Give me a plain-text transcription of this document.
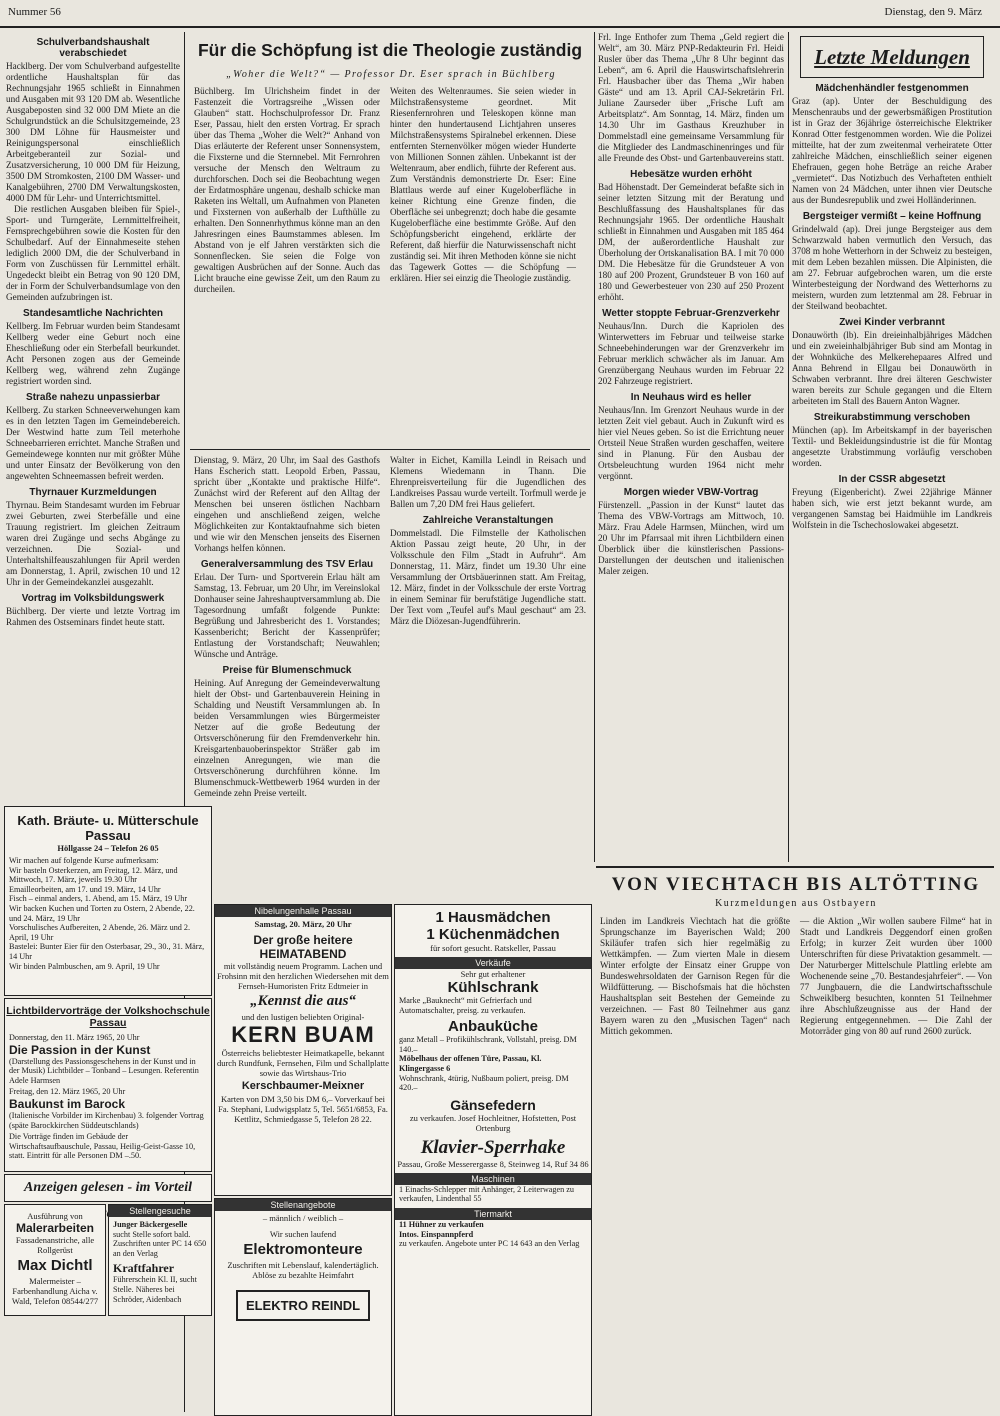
Nummer 56	Dienstag, den 9. März
Schulverbandshaushalt verabschiedet

Hacklberg. Der vom Schulverband aufgestellte ordentliche Haushaltsplan für das Rechnungsjahr 1965 schließt in Einnahmen und Ausgaben mit 93 120 DM ab. Wesentliche Ausgabeposten sind 32 000 DM Miete an die Schulgrundstück an die Schulsitzgemeinde, 23 300 DM Löhne für Hausmeister und Reinigungspersonal einschließlich Arbeitgeberanteil zur Sozial- und Zusatzversicherung, 10 000 DM für Heizung, 3500 DM Stromkosten, 2100 DM Wasser- und Kanalgebühren, 2700 DM Verwaltungskosten, 4000 DM für Lehr- und Unterrichtsmittel.

Die restlichen Ausgaben bleiben für Spiel-, Sport- und Turngeräte, Lernmittelfreiheit, Fernsprechgebühren sowie die Kosten für den Schulbedarf. Auf der Einnahmeseite stehen lediglich 2000 DM, die der Schulverband in Form von Zuschüssen für Lernmittel erhält. Ungedeckt bleibt ein Betrag von 90 120 DM, der in Form der Schulverbandsumlage von den Gemeinden aufzubringen ist.

Standesamtliche Nachrichten

Kellberg. Im Februar wurden beim Standesamt Kellberg weder eine Geburt noch eine Eheschließung oder ein Sterbefall beurkundet. Acht Personen zogen aus der Gemeinde Kellberg weg, während zehn Zugänge registriert worden sind.

Straße nahezu unpassierbar

Kellberg. Zu starken Schneeverwehungen kam es in den letzten Tagen im Gemeindebereich. Der Westwind hatte zum Teil meterhohe Schneebarrieren errichtet. Manche Straßen und Gemeindewege konnten nur mit größter Mühe und unter Einsatz der Bevölkerung von den angewehten Schneemassen befreit werden.

Thyrnauer Kurzmeldungen

Thyrnau. Beim Standesamt wurden im Februar zwei Geburten, zwei Sterbefälle und eine Trauung registriert. Im gleichen Zeitraum waren drei Zugänge und sechs Abgänge zu verzeichnen. Die Sozial- und Unterhaltshilfeauszahlungen für April werden am Donnerstag, 1. April, zwischen 10 und 12 Uhr in der Gemeindekanzlei ausgezahlt.

Vortrag im Volksbildungswerk

Büchlberg. Der vierte und letzte Vortrag im Rahmen des Ostseminars findet heute statt.

Für die Schöpfung ist die Theologie zuständig
„Woher die Welt?“ — Professor Dr. Eser sprach in Büchlberg

Büchlberg. Im Ulrichsheim findet in der Fastenzeit die Vortragsreihe „Wissen oder Glauben“ statt. Hochschulprofessor Dr. Franz Eser, Passau, hielt den ersten Vortrag. Er sprach über das Thema „Woher die Welt?“ Anhand von Dias erläuterte der Referent unser Sonnensystem, die Fixsterne und die Sternnebel. Mit Fernrohren versuche der Mensch den Weltraum zu durchforschen. Doch sei die Beobachtung wegen der Erdatmosphäre ungenau, deshalb schicke man Raketen ins Weltall, um Aufnahmen von Planeten und Fixsternen von außerhalb der Lufthülle zu erhalten. Den Sonnenrhythmus könne man an den Jahresringen eines Baumstammes ablesen. Im Abstand von je elf Jahren verstärkten sich die Sonnenflecken. Sie seien die Folge von gewaltigen Ausbrüchen auf der Sonne. Auch das Licht brauche eine gewisse Zeit, um den Raum zu durcheilen.

Weiten des Weltenraumes. Sie seien wieder in Milchstraßensysteme geordnet. Mit Riesenfernrohren und Teleskopen könne man hinter den hundertausend Lichtjahren unseres Milchstraßensystems Spiralnebel erkennen. Diese entfernten Sternenvölker mögen wieder Hunderte von Millionen Sonnen zählen. Unbekannt ist der Weltenraum, aber endlich, führte der Referent aus. Zum Verständnis demonstrierte Dr. Eser: Eine Blattlaus werde auf einer Kugeloberfläche in keiner Richtung eine Grenze finden, die Oberfläche sei unbegrenzt; doch habe die gesamte Kugeloberfläche eine bestimmte Größe. Auf den Schöpfungsbericht eingehend, erklärte der Referent, daß hierfür die Naturwissenschaft nicht zuständig sei. Mit ihren Methoden könne sie nicht das Tagewerk Gottes — die Schöpfung — erklären. Hier sei einzig die Theologie zuständig.

Dienstag, 9. März, 20 Uhr, im Saal des Gasthofs Hans Escherich statt. Leopold Erben, Passau, spricht über „Kontakte und praktische Hilfe“. Zunächst wird der Referent auf den Alltag der Menschen bei unseren östlichen Nachbarn eingehen und anschließend zeigen, welche Möglichkeiten zur Kontaktaufnahme sich bieten und wie wir den Menschen jenseits des Eisernen Vorhangs helfen können.

Generalversammlung des TSV Erlau

Erlau. Der Turn- und Sportverein Erlau hält am Samstag, 13. Februar, um 20 Uhr, im Vereinslokal Donhauser seine Jahreshauptversammlung ab. Die Tagesordnung umfaßt folgende Punkte: Begrüßung und Jahresbericht des 1. Vorstandes; Kassenbericht; Bericht der Kassenprüfer; Entlastung der Vorstandschaft; Neuwahlen; Wünsche und Anträge.

Preise für Blumenschmuck

Heining. Auf Anregung der Gemeindeverwaltung hielt der Obst- und Gartenbauverein Heining in Schalding und Neustift Versammlungen ab. In beiden Versammlungen wies Bürgermeister Netzer auf die große Bedeutung der Ortsverschönerung für den Fremdenverkehr hin. Kreisgartenbauoberinspektor Sträßer gab im einzelnen Anregungen, wie man die Ortsverschönerung durchführen könne. Im Blumenschmuck-Wettbewerb 1964 wurden in der Gemeinde zehn Preise verteilt.

Walter in Eichet, Kamilla Leindl in Reisach und Klemens Wiedemann in Thann. Die Ehrenpreisverteilung für die Jugendlichen des Landkreises Passau wurde verteilt. Torfmull werde je Ballen um 7,20 DM frei Haus geliefert.

Zahlreiche Veranstaltungen

Dommelstadl. Die Filmstelle der Katholischen Aktion Passau zeigt heute, 20 Uhr, in der Volksschule den Film „Stadt in Aufruhr“. Am Donnerstag, 11. März, findet um 19.30 Uhr eine Versammlung der Ortsbäuerinnen statt. Am Freitag, 12. März, findet in der Volksschule der erste Vortrag in einem Seminar für berufstätige Jugendliche statt. Der Text vom „Teufel auf's Maul geschaut“ am 23. März die Diözesan-Jugendführerin.

Frl. Inge Enthofer zum Thema „Geld regiert die Welt“, am 30. März PNP-Redakteurin Frl. Heidi Rusler über das Thema „Uhr 8 Uhr beginnt das Leben“, am 6. April die Hauswirtschaftslehrerin Frl. Hausbacher über das Thema „Wir haben Gäste“ und am 13. April CAJ-Sekretärin Frl. Juliane Zaurseder über „Frische Luft am Arbeitsplatz“. Am Sonntag, 14. März, finden um 14.30 Uhr im Gasthaus Kreuzhuber in Dommelstadl eine gemeinsame Versammlung für die Mitglieder des Landmaschinenringes und für alle Freunde des Obst- und Gartenbauvereins statt.

Hebesätze wurden erhöht

Bad Höhenstadt. Der Gemeinderat befaßte sich in seiner letzten Sitzung mit der Beratung und Beschlußfassung des Haushaltsplanes für das Rechnungsjahr 1965. Der ordentliche Haushalt schließt in Einnahmen und Ausgaben mit 185 464 DM, der außerordentliche Haushalt zur Überholung der Ortskanalisation BA. I mit 70 000 DM. Die Hebesätze für die Grundsteuer A von 180 auf 200 Prozent, Grundsteuer B von 160 auf 180 und Gewerbesteuer von 230 auf 250 Prozent erhöht.

Wetter stoppte Februar-Grenzverkehr

Neuhaus/Inn. Durch die Kapriolen des Winterwetters im Februar und teilweise starke Schneebehinderungen war der Grenzverkehr im Februar merklich schwächer als im Januar. Am Grenzübergang Neuhaus wurden im Februar 22 202 Fahrzeuge registriert.

In Neuhaus wird es heller

Neuhaus/Inn. Im Grenzort Neuhaus wurde in der letzten Zeit viel gebaut. Auch in Zukunft wird es hier viel Neues geben. So ist die Errichtung neuer Ortsteil Neue Straßen wurden geschaffen, weitere sind in Planung. Für den Ausbau der Ortsbeleuchtung wurden 1964 nicht mehr vergönnt.

Morgen wieder VBW-Vortrag

Fürstenzell. „Passion in der Kunst“ lautet das Thema des VBW-Vortrags am Mittwoch, 10. März. Frau Adele Harmsen, München, wird um 20 Uhr im Pfarrsaal mit ihren Lichtbildern einen Überblick über die künstlerischen Passions-Darstellungen der deutschen und italienischen Maler zeigen.

Letzte Meldungen
Mädchenhändler festgenommen

Graz (ap). Unter der Beschuldigung des Menschenraubs und der gewerbsmäßigen Prostitution ist in Graz der 36jährige österreichische Elektriker Konrad Otter festgenommen worden. Wie die Polizei mitteilte, hat der zum zweitenmal verheiratete Otter zahlreiche Mädchen, einschließlich seiner eigenen Ehefrauen, gegen hohe Beträge an reiche Araber „vermietet“. Das Notizbuch des Verhafteten enthielt Namen von 24 Mädchen, unter ihnen vier Deutsche aus der Bundesrepublik und zwei Holländerinnen.

Bergsteiger vermißt – keine Hoffnung

Grindelwald (ap). Drei junge Bergsteiger aus dem Schwarzwald haben vermutlich den Versuch, das 3708 m hohe Wetterhorn in der Schweiz zu besteigen, mit dem Leben bezahlen müssen. Die Alpinisten, die am 27. Februar aufgebrochen waren, um die erste Winterbesteigung der Nordwand des Wetterhorns zu meistern, wurden zum letztenmal am 28. Februar in der Steilwand beobachtet.

Zwei Kinder verbrannt

Donauwörth (lb). Ein dreieinhalbjähriges Mädchen und ein zweieinhalbjähriger Bub sind am Montag in der Wohnküche des Melkerehepaares Alfred und Anna Behrend in Ellgau bei Donauwörth in Schwaben verbrannt. Ihre drei älteren Geschwister waren bereits zur Schule gegangen und die Eltern arbeiteten im Stall des Bauern Anton Wagner.

Streikurabstimmung verschoben

München (ap). Im Arbeitskampf in der bayerischen Textil- und Bekleidungsindustrie ist die für Montag angesetzte Urabstimmung vorläufig verschoben worden.

In der CSSR abgesetzt

Freyung (Eigenbericht). Zwei 22jährige Männer haben sich, wie erst jetzt bekannt wurde, am vergangenen Samstag bei Haidmühle im Landkreis Wolfstein in die Tschechoslowakei abgesetzt.

VON VIECHTACH BIS ALTÖTTING
Kurzmeldungen aus Ostbayern

Linden im Landkreis Viechtach hat die größte Sprungschanze im Bayerischen Wald; 200 Skiläufer trafen sich hier regelmäßig zu Wettkämpfen. — Zum vierten Male in diesem Winter erfolgte der Einsatz einer Gruppe von Bundeswehrsoldaten der Garnison Regen für die Wildfütterung. — Bischofsmais hat die höchsten Haushaltsplan seit Bestehen der Gemeinde zu verzeichnen. — Fast 80 Teilnehmer aus ganz Bayern waren zu den „Musischen Tagen“ nach Mittich gekommen.

— die Aktion „Wir wollen saubere Filme“ hat in Stadt und Landkreis Deggendorf einen großen Erfolg; in kurzer Zeit wurden über 1000 Unterschriften für diese Privataktion gesammelt. — Der Naturberger Mittelschule Plattling erlebte am Wochenende seine „70. Bestandesjahrfeier“. — Von 77 Jungbauern, die die Landwirtschaftsschule Schweiklberg besuchten, konnten 51 Teilnehmer ihre Abschlußzeugnisse aus der Hand der Regierung entgegennehmen. — Die Zahl der Motorräder ging von 80 auf rund 2600 zurück.

Kath. Bräute- u. Mütterschule Passau
Höllgasse 24 – Telefon 26 05
Wir machen auf folgende Kurse aufmerksam:
Wir basteln Osterkerzen, am Freitag, 12. März, und Mittwoch, 17. März, jeweils 19.30 Uhr
Emailleorbeiten, am 17. und 19. März, 14 Uhr
Fisch – einmal anders, 1. Abend, am 15. März, 19 Uhr
Wir backen Kuchen und Torten zu Ostern, 2 Abende, 22. und 24. März, 19 Uhr
Vorschulisches Aufbereiten, 2 Abende, 26. März und 2. April, 19 Uhr
Bastelei: Bunter Eier für den Osterbasar, 29., 30., 31. März, 14 Uhr
Wir binden Palmbuschen, am 9. April, 19 Uhr
Lichtbildervorträge der Volkshochschule Passau
Donnerstag, den 11. März 1965, 20 Uhr
Die Passion in der Kunst
(Darstellung des Passionsgeschehens in der Kunst und in der Musik) Lichtbilder – Tonband – Lesungen. Referentin Adele Harmsen
Freitag, den 12. März 1965, 20 Uhr
Baukunst im Barock
(Italienische Vorbilder im Kirchenbau) 3. folgender Vortrag (späte Barockkirchen Süddeutschlands)
Die Vorträge finden im Gebäude der Wirtschaftsaufbauschule, Passau, Heilig-Geist-Gasse 10, statt. Eintritt für alle Personen DM –.50.
Anzeigen gelesen - im Vorteil
Ausführung von
Malerarbeiten
Fassadenanstriche, alle Rollgerüst
Max Dichtl
Malermeister – Farbenhandlung Aicha v. Wald, Telefon 08544/277
Stellengesuche
Junger Bäckergeselle
sucht Stelle sofort bald. Zuschriften unter PC 14 650 an den Verlag
Kraftfahrer
Führerschein Kl. II, sucht Stelle. Näheres bei Schröder, Aidenbach
Nibelungenhalle Passau
Samstag, 20. März, 20 Uhr
Der große heitere HEIMATABEND
mit vollständig neuem Programm. Lachen und Frohsinn mit den herzlichen Wiedersehen mit dem Fernseh-Humoristen Fritz Edtmeier in
„Kennst die aus“
und den lustigen beliebten Original-
KERN BUAM
Österreichs beliebtester Heimatkapelle, bekannt durch Rundfunk, Fernsehen, Film und Schallplatte sowie das Wirtshaus-Trio
Kerschbaumer-Meixner
Karten von DM 3,50 bis DM 6,– Vorverkauf bei Fa. Stephani, Ludwigsplatz 5, Tel. 5651/6853, Fa. Kettlitz, Schmiedgasse 5, Telefon 28 22.
Stellenangebote
– männlich / weiblich –
Wir suchen laufend
Elektromonteure
Zuschriften mit Lebenslauf, kalendertäglich. Ablöse zu bezahlte Heimfahrt
ELEKTRO REINDL
1 Hausmädchen
1 Küchenmädchen
für sofort gesucht. Ratskeller, Passau
Verkäufe
Sehr gut erhaltener
Kühlschrank
Marke „Bauknecht“ mit Gefrierfach und Automatschalter, preisg. zu verkaufen.
Anbauküche
ganz Metall – Profikühlschrank, Vollstahl, preisg. DM 140.–
Möbelhaus der offenen Türe, Passau, Kl. Klingergasse 6
Wohnschrank, 4türig, Nußbaum poliert, preisg. DM 420.–
Gänsefedern
zu verkaufen. Josef Hochleitner, Hofstetten, Post Ortenburg
Klavier-Sperrhake
Passau, Große Messerergasse 8, Steinweg 14, Ruf 34 86
Maschinen
1 Einachs-Schlepper mit Anhänger, 2 Leiterwagen zu verkaufen, Lindenthal 55
Tiermarkt
11 Hühner zu verkaufen
Intos. Einspannpferd
zu verkaufen. Angebote unter PC 14 643 an den Verlag
